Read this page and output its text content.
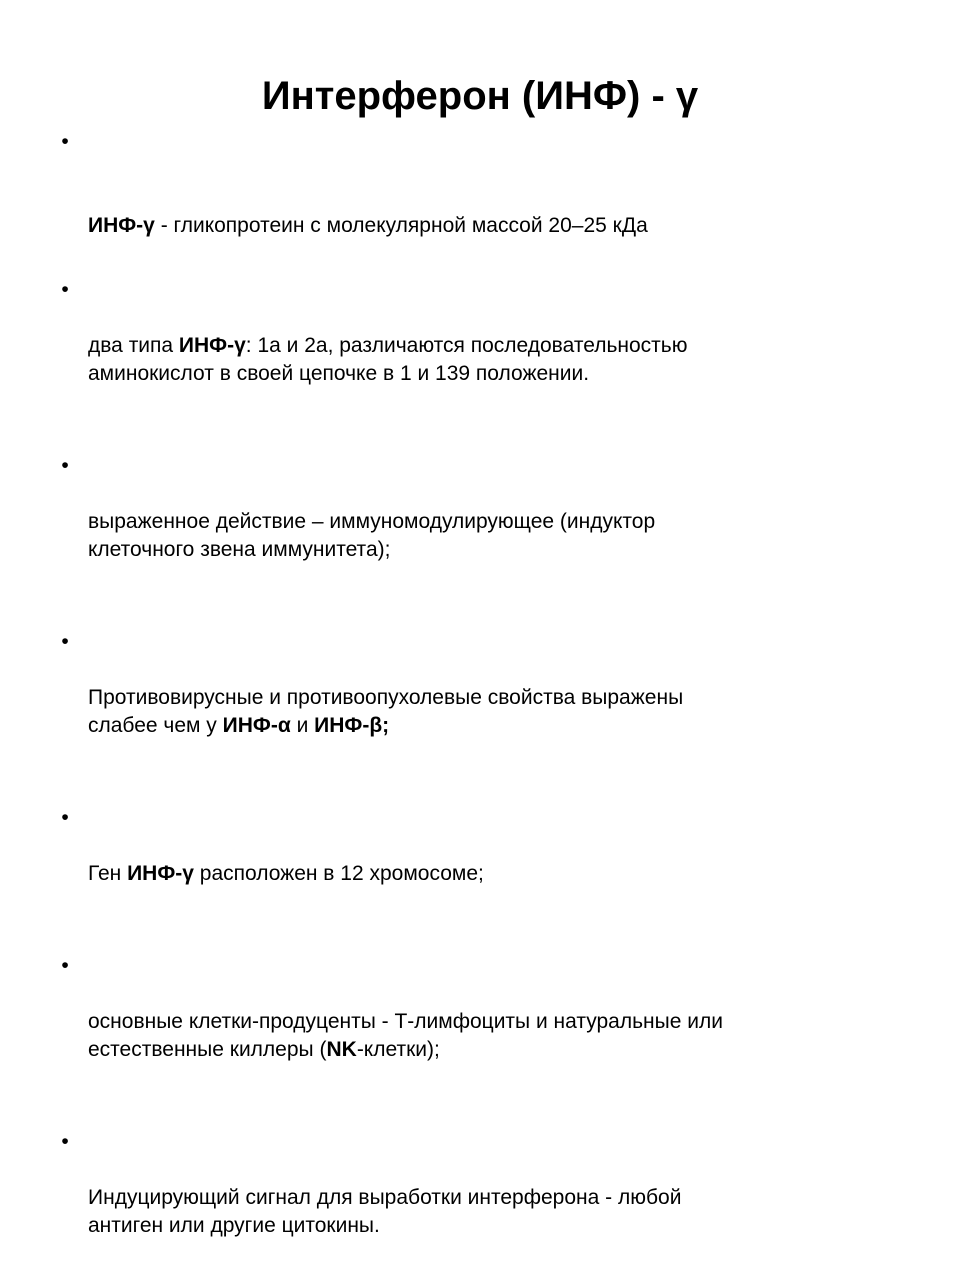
Интерферон (ИНФ) - γ

•

ИНФ-γ - гликопротеин с молекулярной массой 20–25 кДа

•

два типа ИНФ-γ: 1а и 2а, различаются последовательностью
аминокислот в своей цепочке в 1 и 139 положении.

•

выраженное действие – иммуномодулирующее (индуктор
клеточного звена иммунитета);

•

Противовирусные и противоопухолевые свойства выражены
слабее чем у ИНФ-α и ИНФ-β;

•

Ген ИНФ-γ расположен в 12 хромосоме;

•

основные клетки-продуценты - Т-лимфоциты и натуральные или
естественные киллеры (NK-клетки);

•

Индуцирующий сигнал для выработки интерферона - любой
антиген или другие цитокины.
